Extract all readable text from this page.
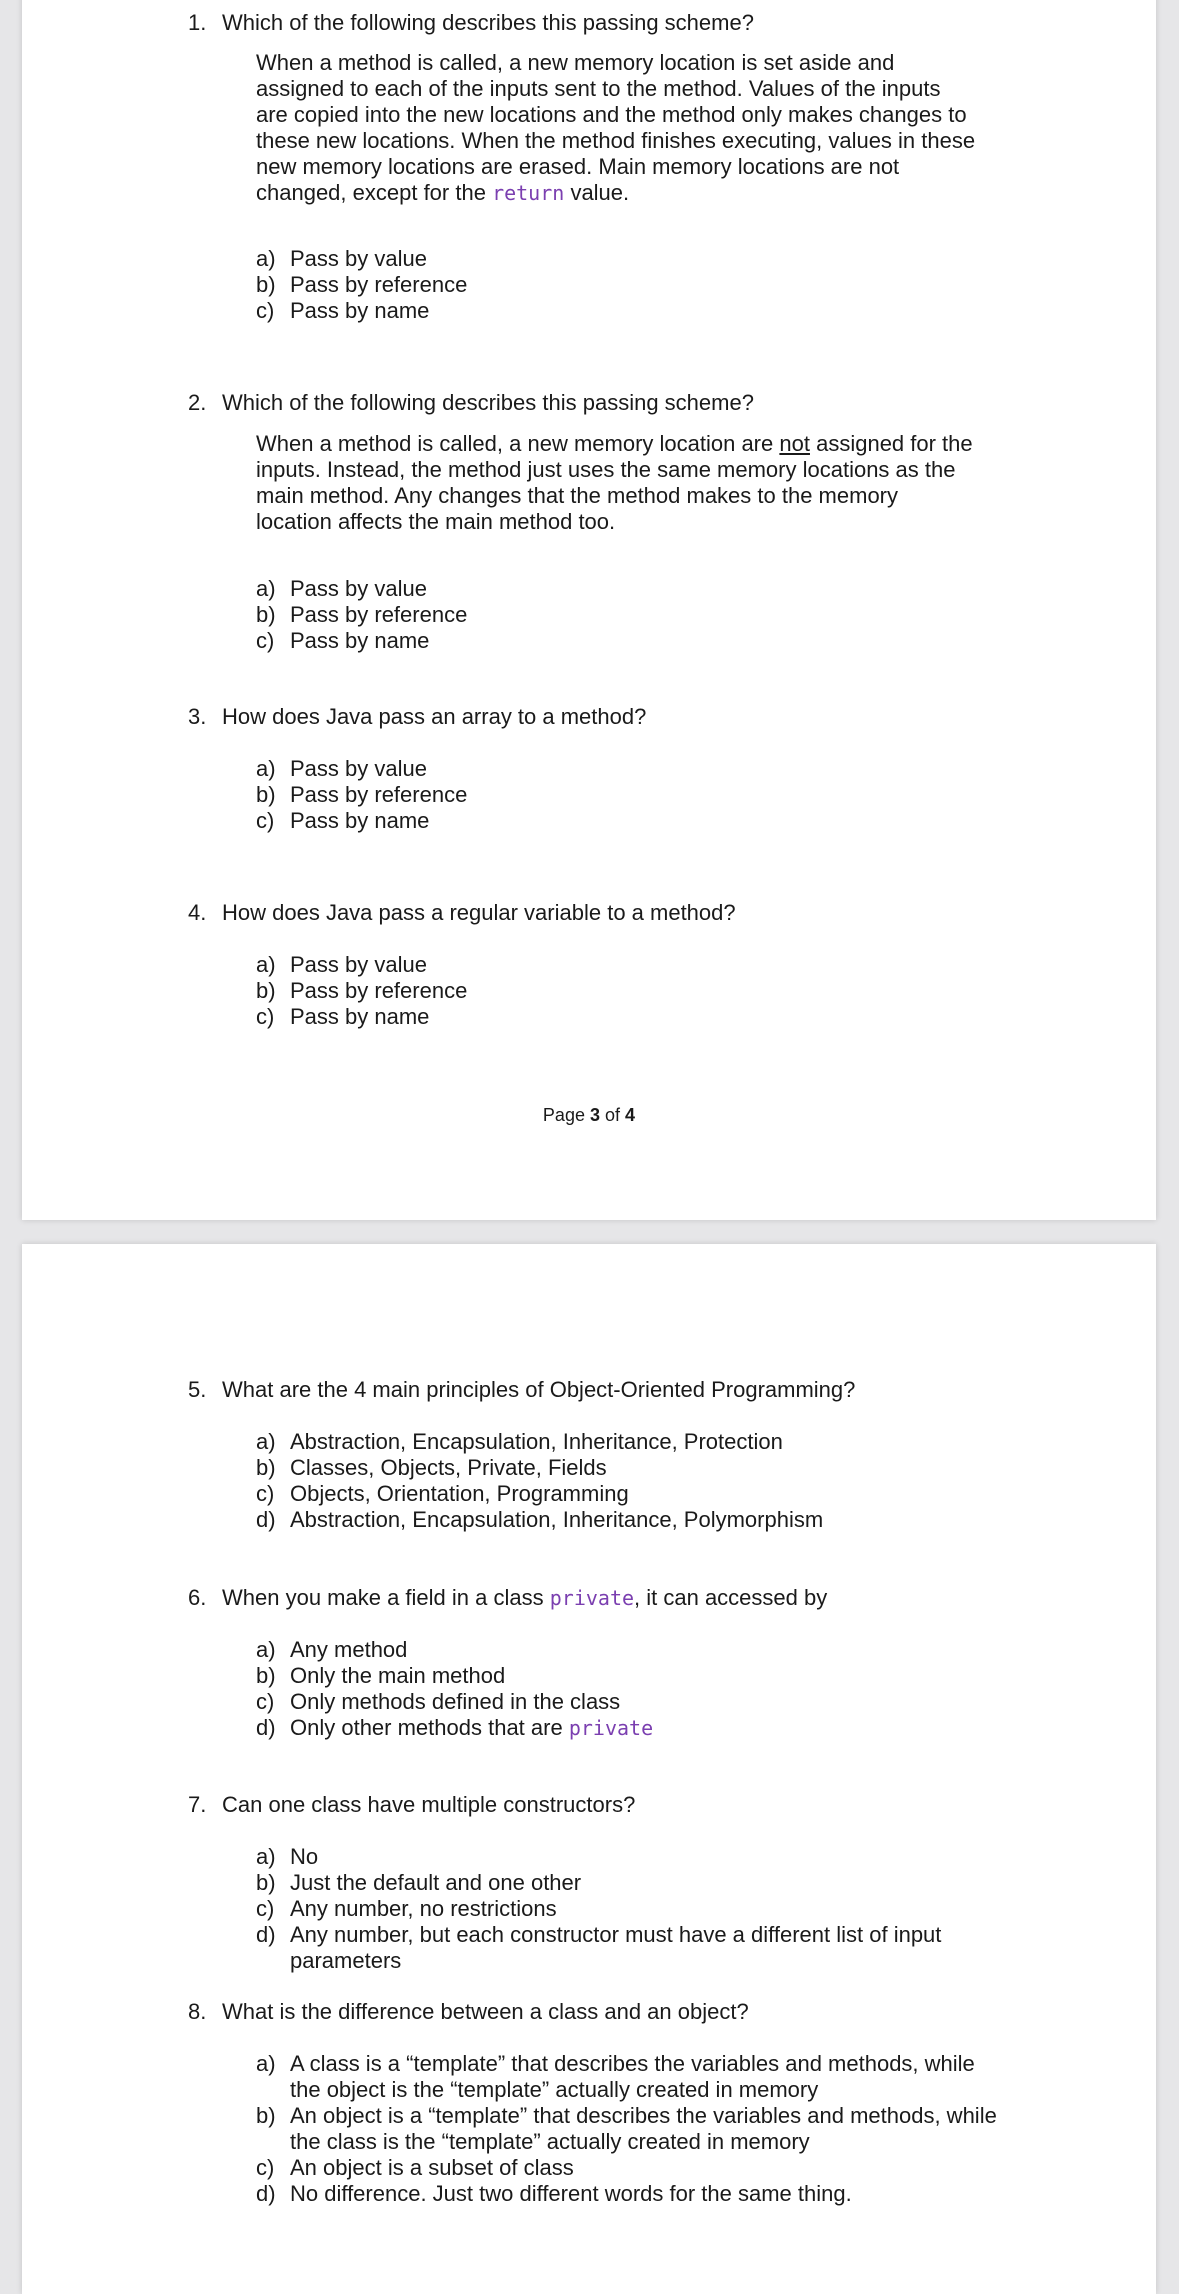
1. Which of the following describes this passing scheme?

When a method is called, a new memory location is set aside and assigned to each of the inputs sent to the method. Values of the inputs are copied into the new locations and the method only makes changes to these new locations. When the method finishes executing, values in these new memory locations are erased. Main memory locations are not changed, except for the return value.

a) Pass by value
b) Pass by reference
c) Pass by name
2. Which of the following describes this passing scheme?

When a method is called, a new memory location are not assigned for the inputs. Instead, the method just uses the same memory locations as the main method. Any changes that the method makes to the memory location affects the main method too.

a) Pass by value
b) Pass by reference
c) Pass by name
3. How does Java pass an array to a method?
a) Pass by value
b) Pass by reference
c) Pass by name
4. How does Java pass a regular variable to a method?
a) Pass by value
b) Pass by reference
c) Pass by name
Page 3 of 4
5. What are the 4 main principles of Object-Oriented Programming?
a) Abstraction, Encapsulation, Inheritance, Protection
b) Classes, Objects, Private, Fields
c) Objects, Orientation, Programming
d) Abstraction, Encapsulation, Inheritance, Polymorphism
6. When you make a field in a class private, it can accessed by
a) Any method
b) Only the main method
c) Only methods defined in the class
d) Only other methods that are private
7. Can one class have multiple constructors?
a) No
b) Just the default and one other
c) Any number, no restrictions
d) Any number, but each constructor must have a different list of input parameters
8. What is the difference between a class and an object?
a) A class is a “template” that describes the variables and methods, while the object is the “template” actually created in memory
b) An object is a “template” that describes the variables and methods, while the class is the “template” actually created in memory
c) An object is a subset of class
d) No difference. Just two different words for the same thing.
